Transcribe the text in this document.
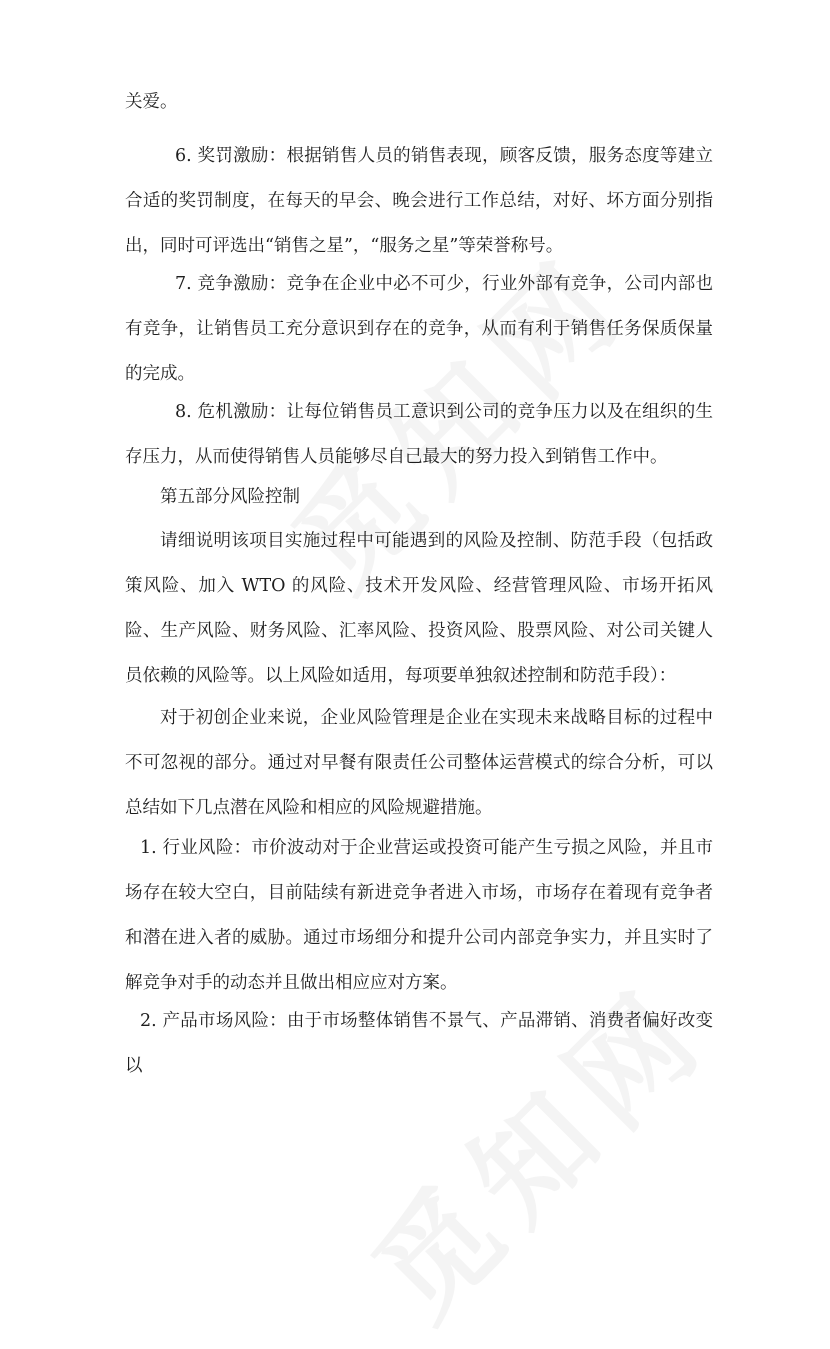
关爱。

6. 奖罚激励：根据销售人员的销售表现，顾客反馈，服务态度等建立合适的奖罚制度，在每天的早会、晚会进行工作总结，对好、坏方面分别指出，同时可评选出“销售之星”，“服务之星”等荣誉称号。

7. 竞争激励：竞争在企业中必不可少，行业外部有竞争，公司内部也有竞争，让销售员工充分意识到存在的竞争，从而有利于销售任务保质保量的完成。

8. 危机激励：让每位销售员工意识到公司的竞争压力以及在组织的生存压力，从而使得销售人员能够尽自己最大的努力投入到销售工作中。

第五部分风险控制

请细说明该项目实施过程中可能遇到的风险及控制、防范手段（包括政策风险、加入 WTO 的风险、技术开发风险、经营管理风险、市场开拓风险、生产风险、财务风险、汇率风险、投资风险、股票风险、对公司关键人员依赖的风险等。以上风险如适用，每项要单独叙述控制和防范手段）：

对于初创企业来说，企业风险管理是企业在实现未来战略目标的过程中不可忽视的部分。通过对早餐有限责任公司整体运营模式的综合分析，可以总结如下几点潜在风险和相应的风险规避措施。

1. 行业风险：市价波动对于企业营运或投资可能产生亏损之风险，并且市场存在较大空白，目前陆续有新进竞争者进入市场，市场存在着现有竞争者和潜在进入者的威胁。通过市场细分和提升公司内部竞争实力，并且实时了解竞争对手的动态并且做出相应应对方案。

2. 产品市场风险：由于市场整体销售不景气、产品滞销、消费者偏好改变以
